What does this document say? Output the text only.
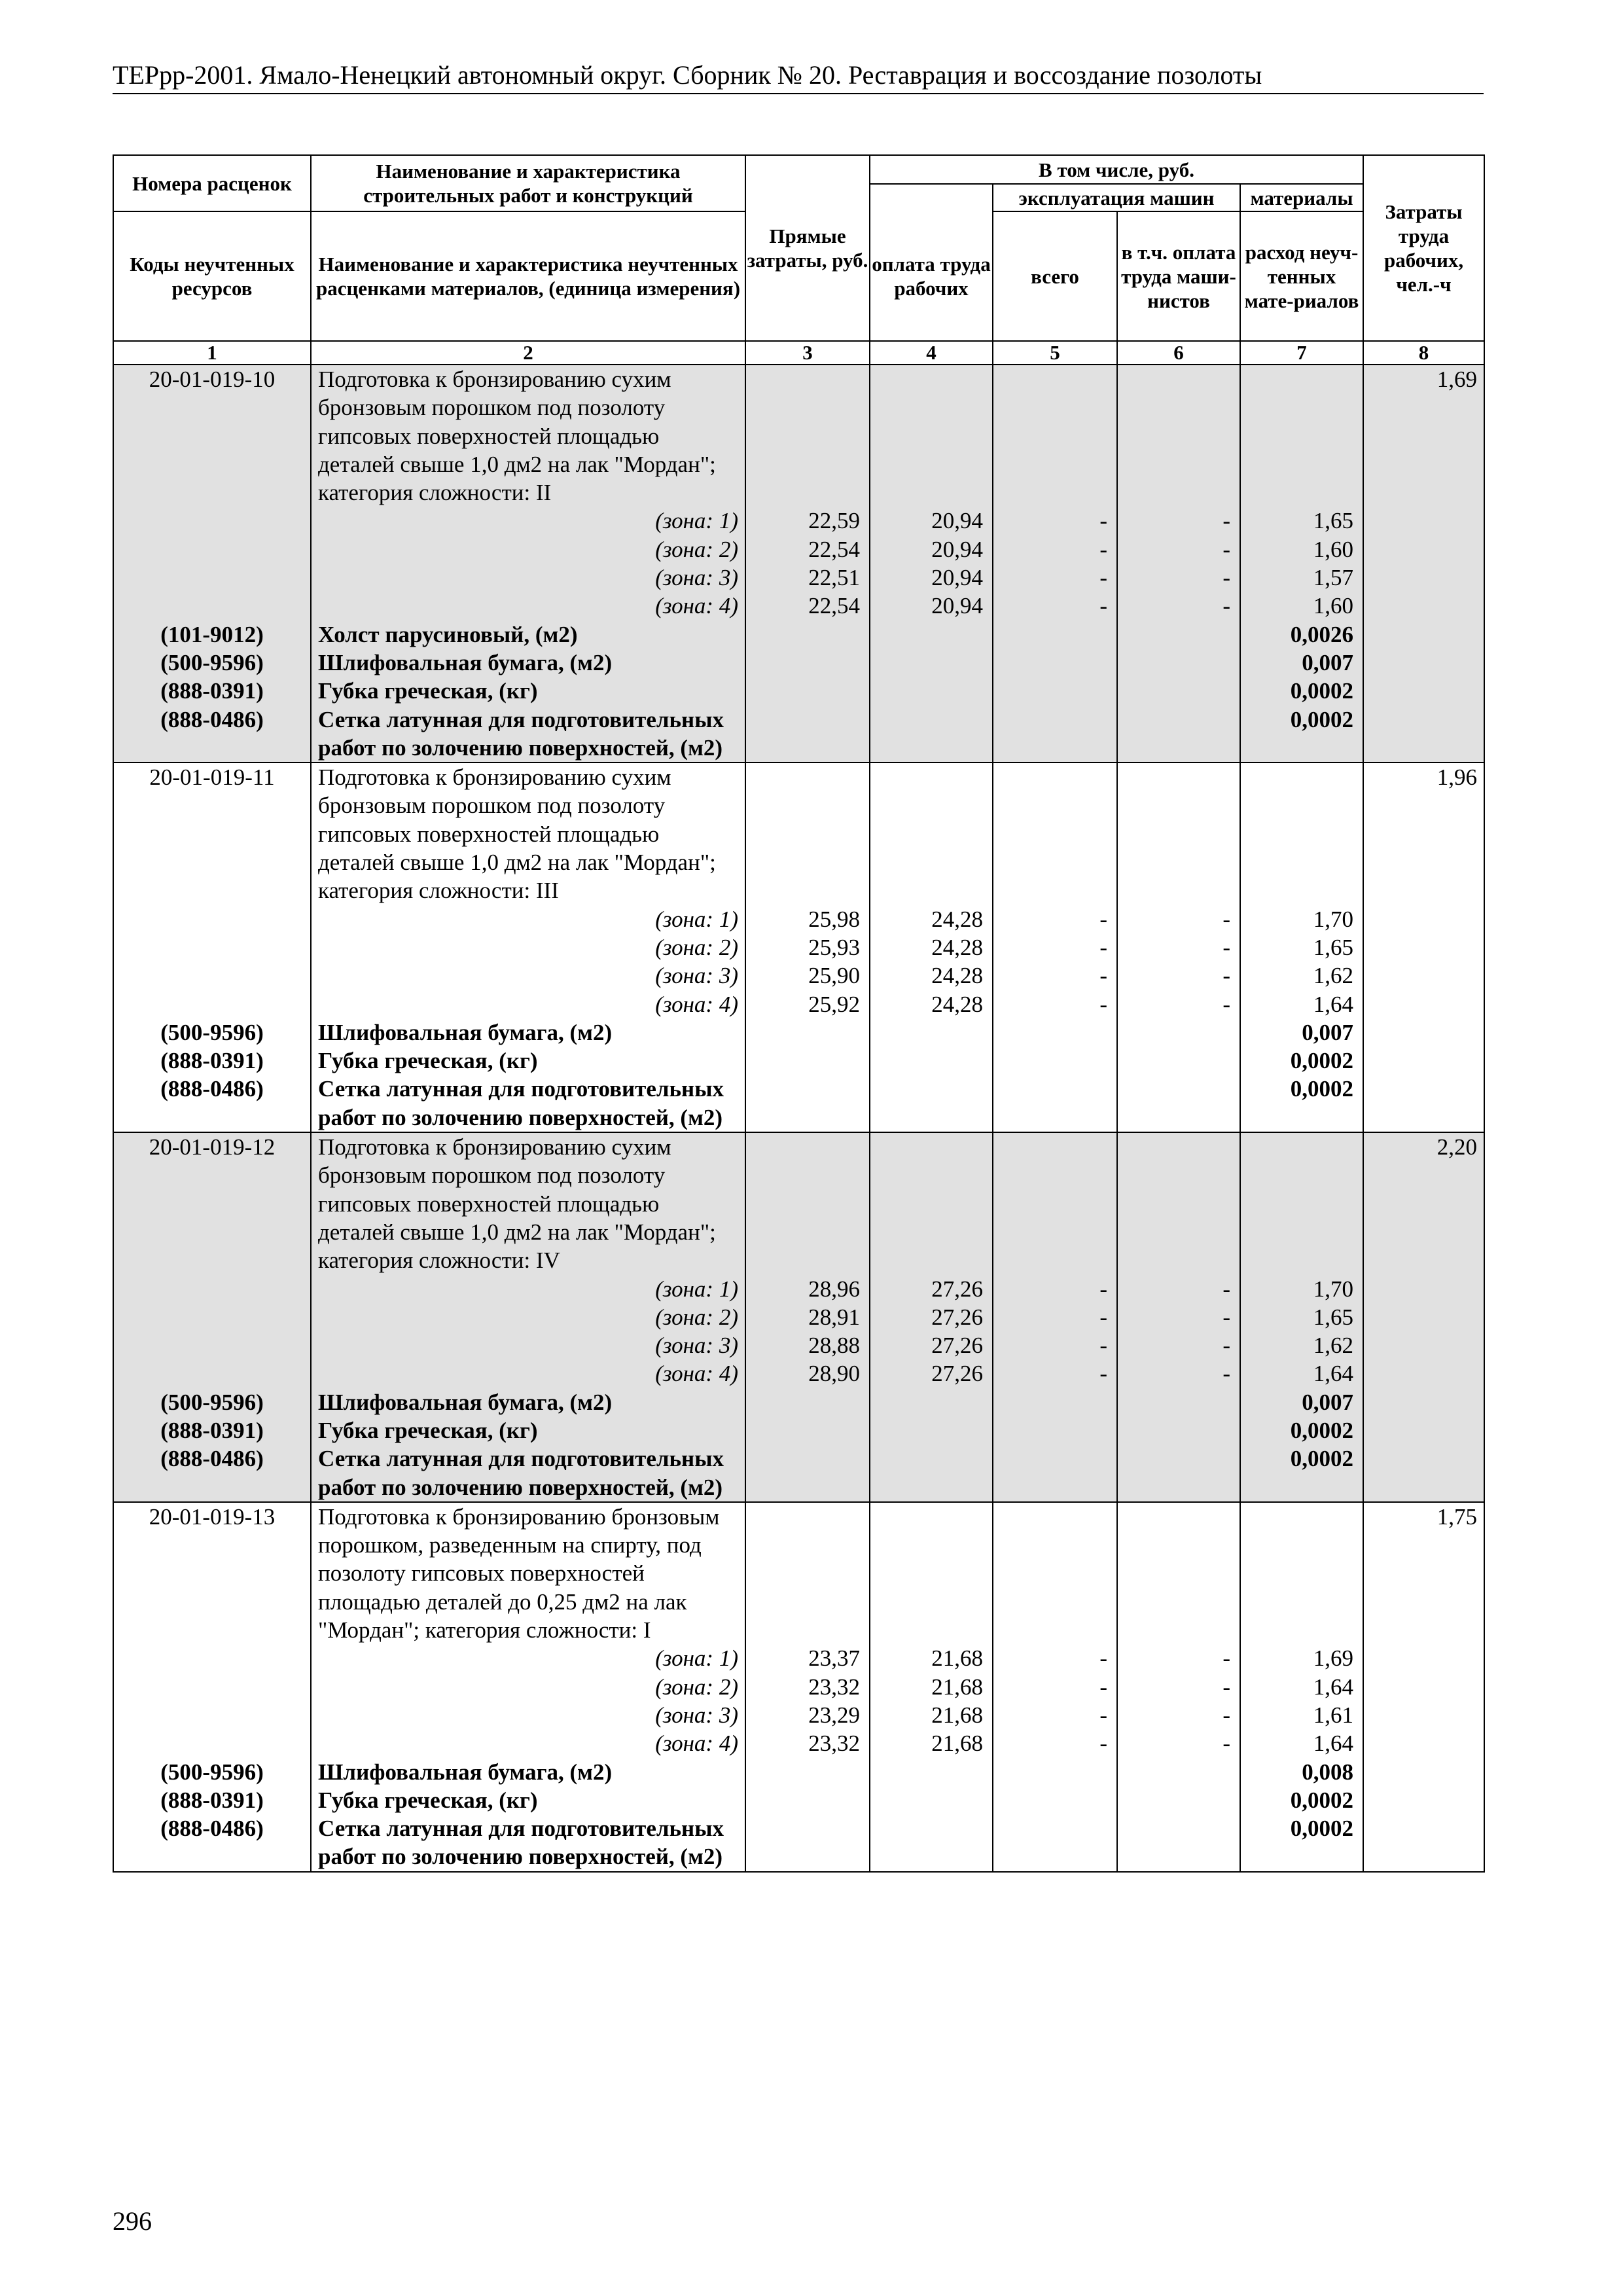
ТЕРрр-2001. Ямало-Ненецкий автономный округ. Сборник № 20. Реставрация и воссоздание позолоты
Номера расценок	Наименование и характеристика строительных работ и конструкций	Прямые затраты, руб.	В том числе, руб.				Затраты труда рабочих, чел.-ч
				эксплуатация машин		материалы	
Коды неучтенных ресурсов	Наименование и характеристика неучтенных расценками материалов, (единица измерения)		оплата труда рабочих	всего	в т.ч. оплата труда маши-нистов	расход неуч-тенных мате-риалов	
1	2	3	4	5	6	7	8
20-01-019-10	Подготовка к бронзированию сухим бронзовым порошком под позолоту гипсовых поверхностей площадью деталей свыше 1,0 дм2 на лак "Мордан"; категория сложности: II						1,69
	(зона: 1)	22,59	20,94	-	-	1,65	
	(зона: 2)	22,54	20,94	-	-	1,60	
	(зона: 3)	22,51	20,94	-	-	1,57	
	(зона: 4)	22,54	20,94	-	-	1,60	
(101-9012)	Холст парусиновый, (м2)					0,0026	
(500-9596)	Шлифовальная бумага, (м2)					0,007	
(888-0391)	Губка греческая, (кг)					0,0002	
(888-0486)	Сетка латунная для подготовительных работ по золочению поверхностей, (м2)					0,0002	
20-01-019-11	Подготовка к бронзированию сухим бронзовым порошком под позолоту гипсовых поверхностей площадью деталей свыше 1,0 дм2 на лак "Мордан"; категория сложности: III						1,96
	(зона: 1)	25,98	24,28	-	-	1,70	
	(зона: 2)	25,93	24,28	-	-	1,65	
	(зона: 3)	25,90	24,28	-	-	1,62	
	(зона: 4)	25,92	24,28	-	-	1,64	
(500-9596)	Шлифовальная бумага, (м2)					0,007	
(888-0391)	Губка греческая, (кг)					0,0002	
(888-0486)	Сетка латунная для подготовительных работ по золочению поверхностей, (м2)					0,0002	
20-01-019-12	Подготовка к бронзированию сухим бронзовым порошком под позолоту гипсовых поверхностей площадью деталей свыше 1,0 дм2 на лак "Мордан"; категория сложности: IV						2,20
	(зона: 1)	28,96	27,26	-	-	1,70	
	(зона: 2)	28,91	27,26	-	-	1,65	
	(зона: 3)	28,88	27,26	-	-	1,62	
	(зона: 4)	28,90	27,26	-	-	1,64	
(500-9596)	Шлифовальная бумага, (м2)					0,007	
(888-0391)	Губка греческая, (кг)					0,0002	
(888-0486)	Сетка латунная для подготовительных работ по золочению поверхностей, (м2)					0,0002	
20-01-019-13	Подготовка к бронзированию бронзовым порошком, разведенным на спирту, под позолоту гипсовых поверхностей площадью деталей до 0,25 дм2 на лак "Мордан"; категория сложности: I						1,75
	(зона: 1)	23,37	21,68	-	-	1,69	
	(зона: 2)	23,32	21,68	-	-	1,64	
	(зона: 3)	23,29	21,68	-	-	1,61	
	(зона: 4)	23,32	21,68	-	-	1,64	
(500-9596)	Шлифовальная бумага, (м2)					0,008	
(888-0391)	Губка греческая, (кг)					0,0002	
(888-0486)	Сетка латунная для подготовительных работ по золочению поверхностей, (м2)					0,0002	
296
